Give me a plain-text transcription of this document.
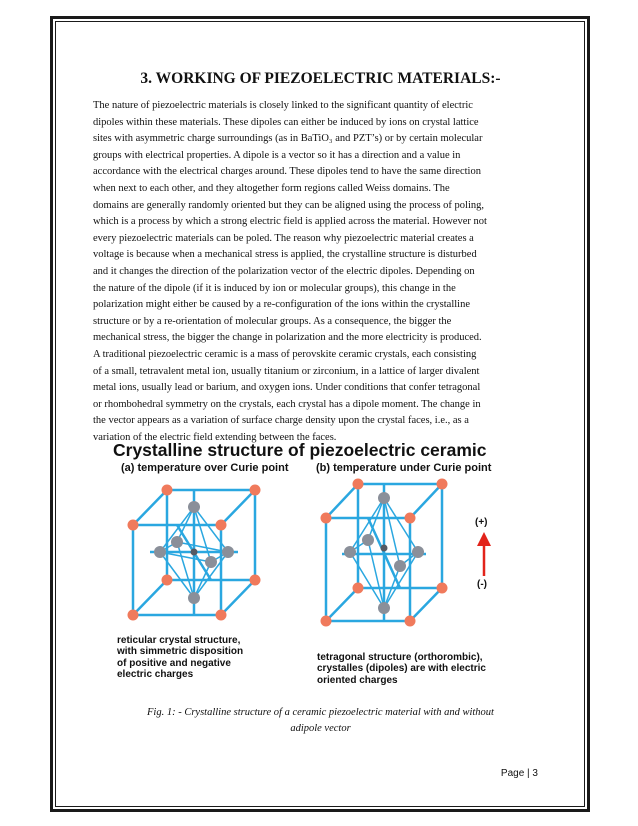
3. WORKING OF PIEZOELECTRIC MATERIALS:-

The nature of piezoelectric materials is closely linked to the significant quantity of electric
dipoles within these materials. These dipoles can either be induced by ions on crystal lattice
sites with asymmetric charge surroundings (as in BaTiO₃ and PZT’s) or by certain molecular
groups with electrical properties. A dipole is a vector so it has a direction and a value in
accordance with the electrical charges around. These dipoles tend to have the same direction
when next to each other, and they altogether form regions called Weiss domains. The
domains are generally randomly oriented but they can be aligned using the process of poling,
which is a process by which a strong electric field is applied across the material. However not
every piezoelectric materials can be poled. The reason why piezoelectric material creates a
voltage is because when a mechanical stress is applied, the crystalline structure is disturbed
and it changes the direction of the polarization vector of the electric dipoles. Depending on
the nature of the dipole (if it is induced by ion or molecular groups), this change in the
polarization might either be caused by a re-configuration of the ions within the crystalline
structure or by a re-orientation of molecular groups. As a consequence, the bigger the
mechanical stress, the bigger the change in polarization and the more electricity is produced.
A traditional piezoelectric ceramic is a mass of perovskite ceramic crystals, each consisting
of a small, tetravalent metal ion, usually titanium or zirconium, in a lattice of larger divalent
metal ions, usually lead or barium, and oxygen ions. Under conditions that confer tetragonal
or rhombohedral symmetry on the crystals, each crystal has a dipole moment. The change in
the vector appears as a variation of surface charge density upon the crystal faces, i.e., as a
variation of the electric field extending between the faces.

Crystalline structure of piezoelectric ceramic
(a) temperature over Curie point	(b) temperature under Curie point
(+)
(-)
reticular crystal structure,
with simmetric disposition
of positive and negative
electric charges
tetragonal structure (orthorombic),
crystalles (dipoles) are with electric
oriented charges

Fig. 1: - Crystalline structure of a ceramic piezoelectric material with and without
adipole vector

Page | 3
